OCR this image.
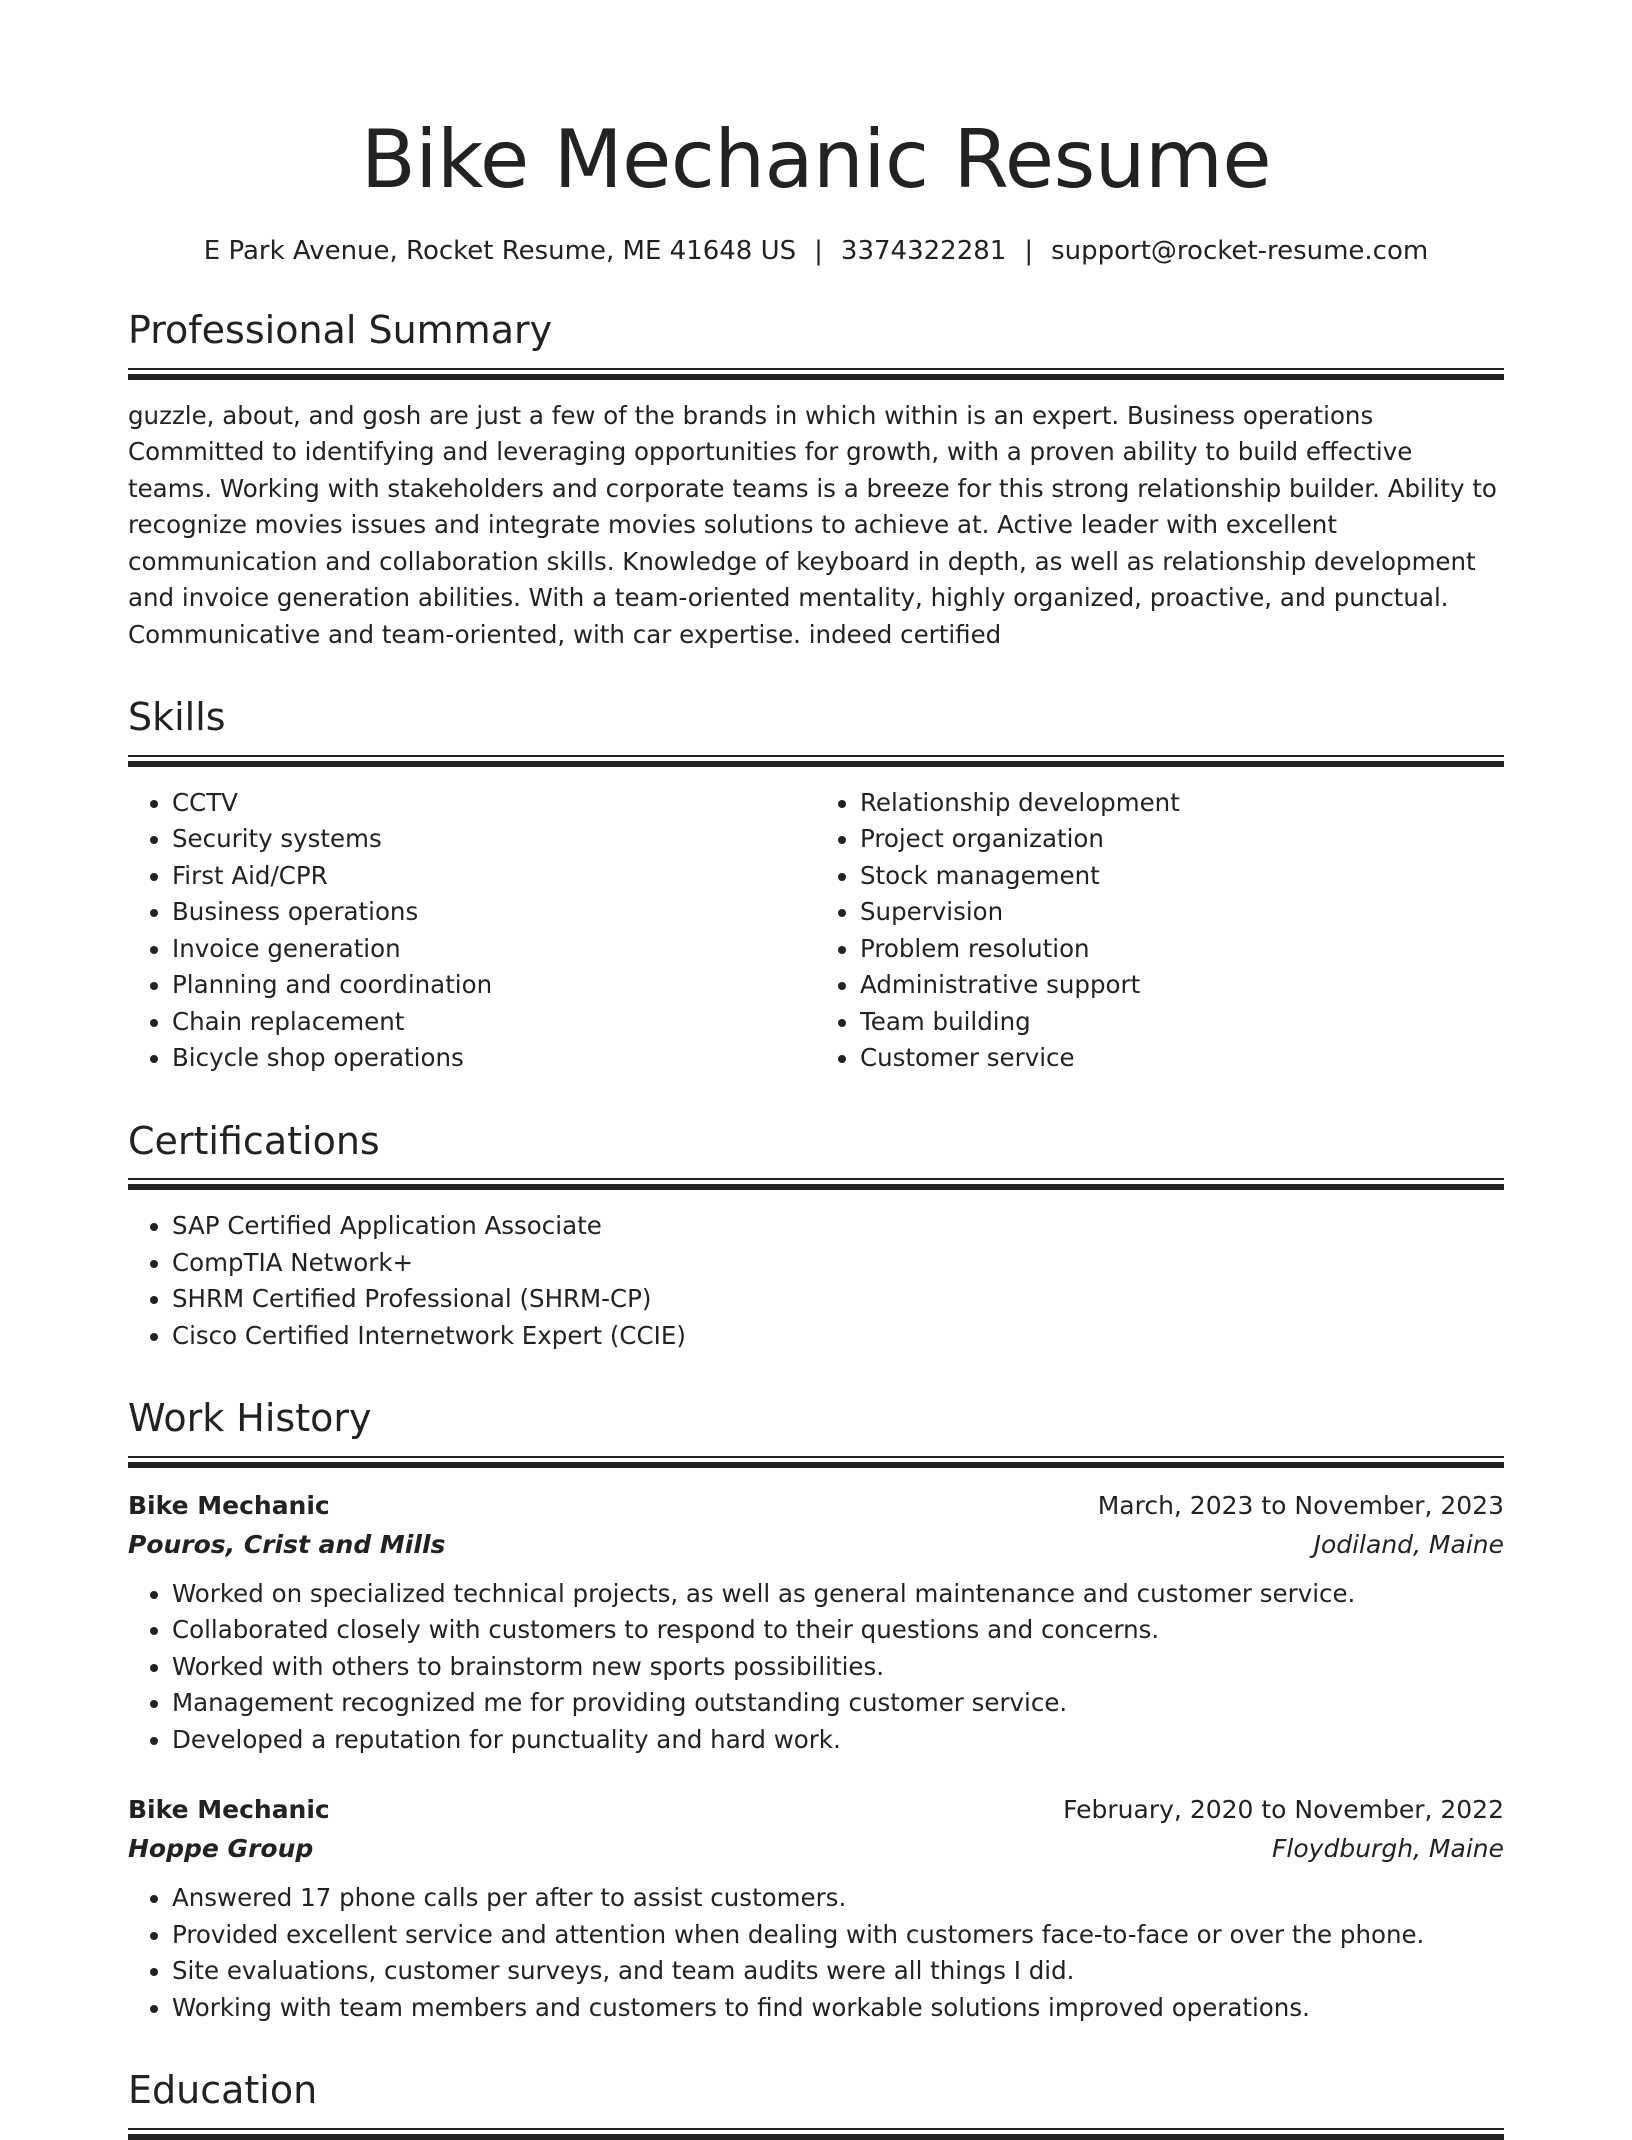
Bike Mechanic Resume
E Park Avenue, Rocket Resume, ME 41648 US | 3374322281 | support@rocket-resume.com
Professional Summary

guzzle, about, and gosh are just a few of the brands in which within is an expert. Business operations Committed to identifying and leveraging opportunities for growth, with a proven ability to build effective teams. Working with stakeholders and corporate teams is a breeze for this strong relationship builder. Ability to recognize movies issues and integrate movies solutions to achieve at. Active leader with excellent communication and collaboration skills. Knowledge of keyboard in depth, as well as relationship development and invoice generation abilities. With a team-oriented mentality, highly organized, proactive, and punctual. Communicative and team-oriented, with car expertise. indeed certified

Skills
• CCTV
• Security systems
• First Aid/CPR
• Business operations
• Invoice generation
• Planning and coordination
• Chain replacement
• Bicycle shop operations
• Relationship development
• Project organization
• Stock management
• Supervision
• Problem resolution
• Administrative support
• Team building
• Customer service
Certifications
• SAP Certified Application Associate
• CompTIA Network+
• SHRM Certified Professional (SHRM-CP)
• Cisco Certified Internetwork Expert (CCIE)
Work History
Bike Mechanic	March, 2023 to November, 2023
Pouros, Crist and Mills	Jodiland, Maine
• Worked on specialized technical projects, as well as general maintenance and customer service.
• Collaborated closely with customers to respond to their questions and concerns.
• Worked with others to brainstorm new sports possibilities.
• Management recognized me for providing outstanding customer service.
• Developed a reputation for punctuality and hard work.
Bike Mechanic	February, 2020 to November, 2022
Hoppe Group	Floydburgh, Maine
• Answered 17 phone calls per after to assist customers.
• Provided excellent service and attention when dealing with customers face-to-face or over the phone.
• Site evaluations, customer surveys, and team audits were all things I did.
• Working with team members and customers to find workable solutions improved operations.
Education
